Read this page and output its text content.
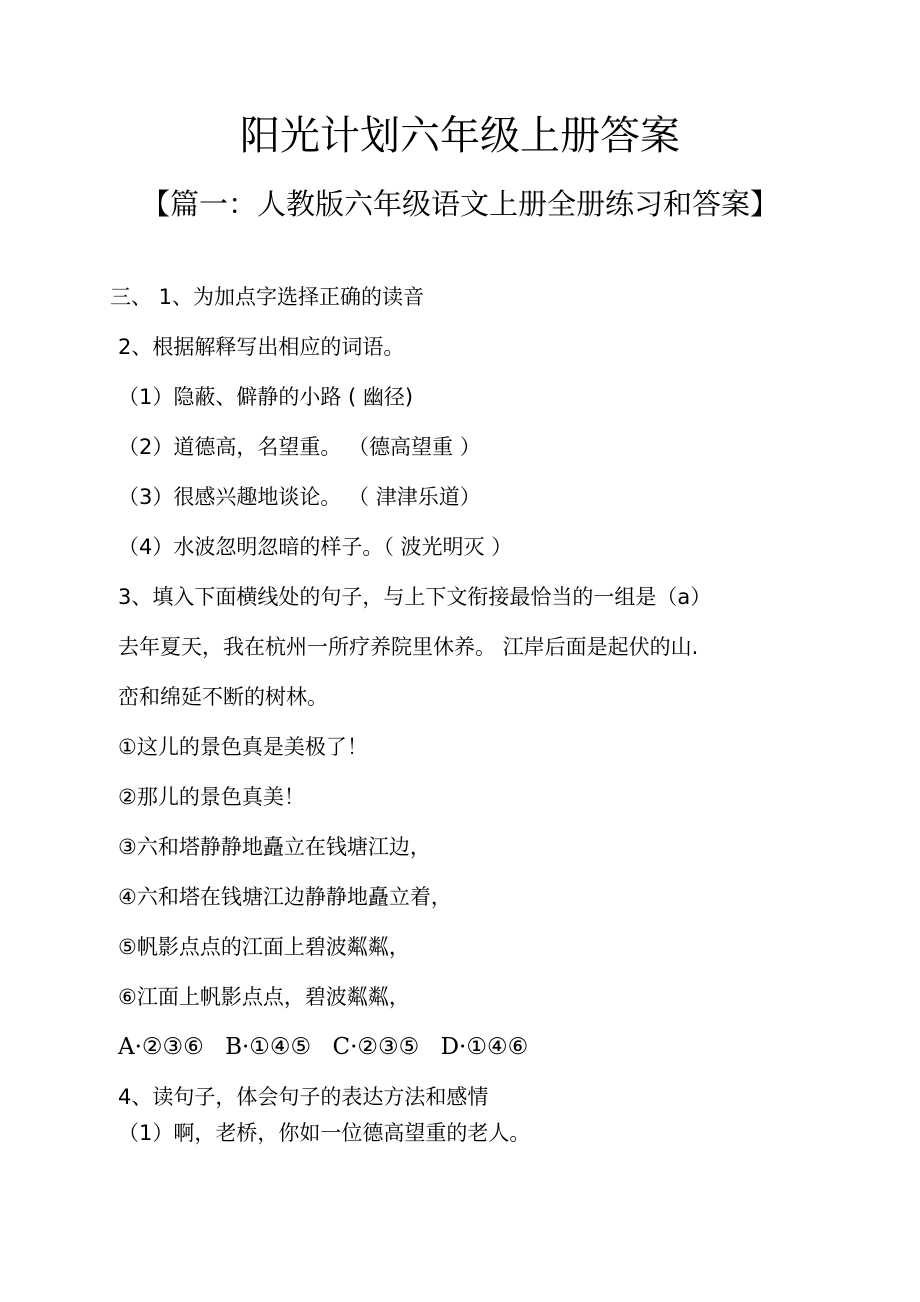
阳光计划六年级上册答案
【篇一：人教版六年级语文上册全册练习和答案】
三、 1、为加点字选择正确的读音
2、根据解释写出相应的词语。
（1）隐蔽、僻静的小路 ( 幽径)
（2）道德高，名望重。 （德高望重 ）
（3）很感兴趣地谈论。 （ 津津乐道）
（4）水波忽明忽暗的样子。（ 波光明灭 ）
3、填入下面横线处的句子，与上下文衔接最恰当的一组是（a）
去年夏天，我在杭州一所疗养院里休养。 江岸后面是起伏的山.
峦和绵延不断的树林。
①这儿的景色真是美极了！
②那儿的景色真美！
③六和塔静静地矗立在钱塘江边，
④六和塔在钱塘江边静静地矗立着，
⑤帆影点点的江面上碧波粼粼，
⑥江面上帆影点点，碧波粼粼，
A·②③⑥ B·①④⑤ C·②③⑤ D·①④⑥
4、读句子，体会句子的表达方法和感情
（1）啊，老桥，你如一位德高望重的老人。
